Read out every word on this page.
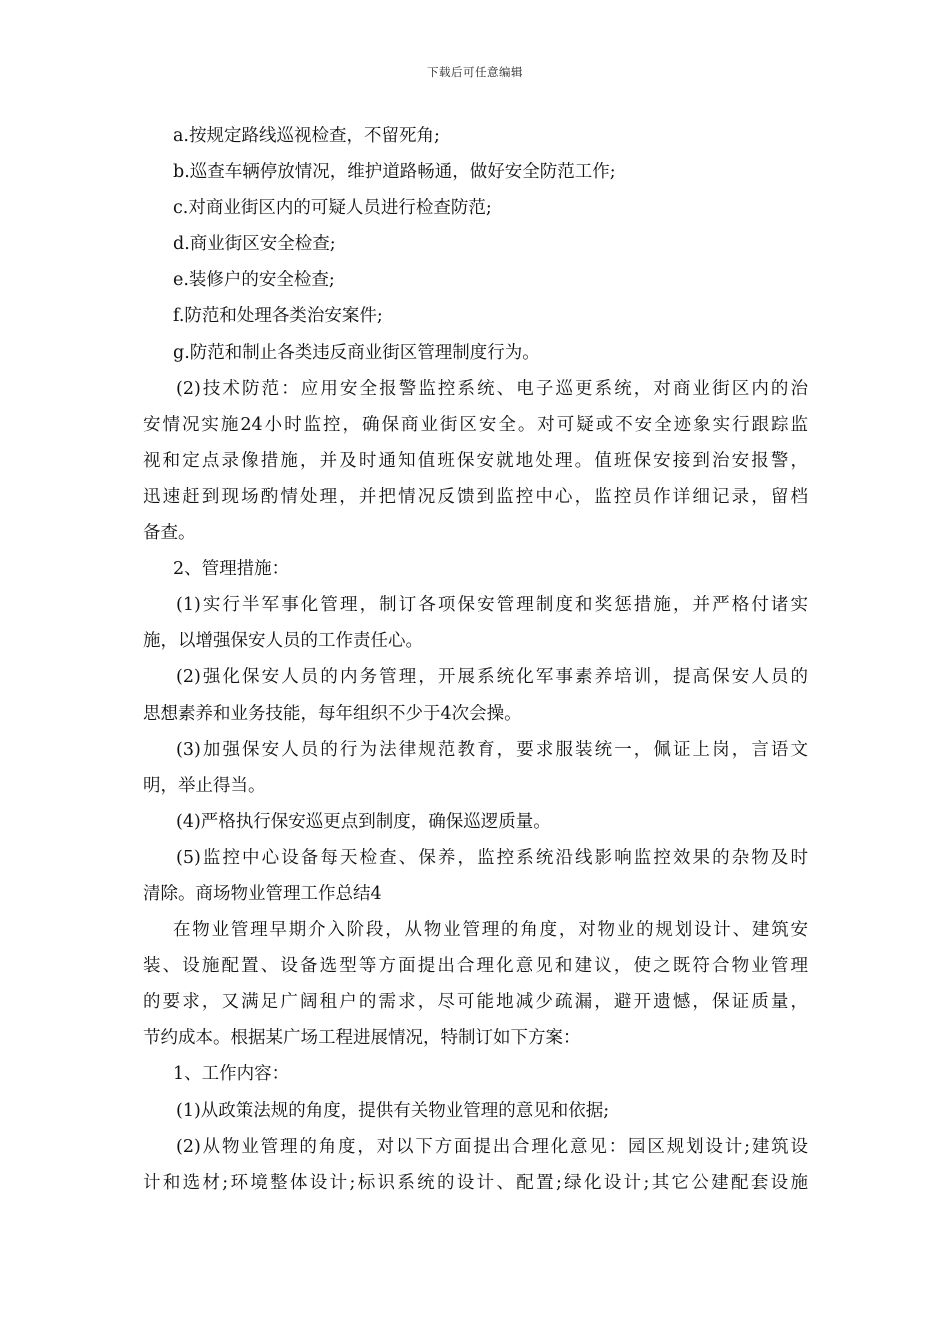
下载后可任意编辑
a.按规定路线巡视检查，不留死角;
b.巡查车辆停放情况，维护道路畅通，做好安全防范工作;
c.对商业街区内的可疑人员进行检查防范;
d.商业街区安全检查;
e.装修户的安全检查;
f.防范和处理各类治安案件;
g.防范和制止各类违反商业街区管理制度行为。
(2)技术防范：应用安全报警监控系统、电子巡更系统，对商业街区内的治
安情况实施24小时监控，确保商业街区安全。对可疑或不安全迹象实行跟踪监
视和定点录像措施，并及时通知值班保安就地处理。值班保安接到治安报警，
迅速赶到现场酌情处理，并把情况反馈到监控中心，监控员作详细记录，留档
备查。
2、管理措施：
(1)实行半军事化管理，制订各项保安管理制度和奖惩措施，并严格付诸实
施，以增强保安人员的工作责任心。
(2)强化保安人员的内务管理，开展系统化军事素养培训，提高保安人员的
思想素养和业务技能，每年组织不少于4次会操。
(3)加强保安人员的行为法律规范教育，要求服装统一，佩证上岗，言语文
明，举止得当。
(4)严格执行保安巡更点到制度，确保巡逻质量。
(5)监控中心设备每天检查、保养，监控系统沿线影响监控效果的杂物及时
清除。商场物业管理工作总结4
在物业管理早期介入阶段，从物业管理的角度，对物业的规划设计、建筑安
装、设施配置、设备选型等方面提出合理化意见和建议，使之既符合物业管理
的要求，又满足广阔租户的需求，尽可能地减少疏漏，避开遗憾，保证质量，
节约成本。根据某广场工程进展情况，特制订如下方案：
1、工作内容：
(1)从政策法规的角度，提供有关物业管理的意见和依据;
(2)从物业管理的角度，对以下方面提出合理化意见：园区规划设计;建筑设
计和选材;环境整体设计;标识系统的设计、配置;绿化设计;其它公建配套设施
